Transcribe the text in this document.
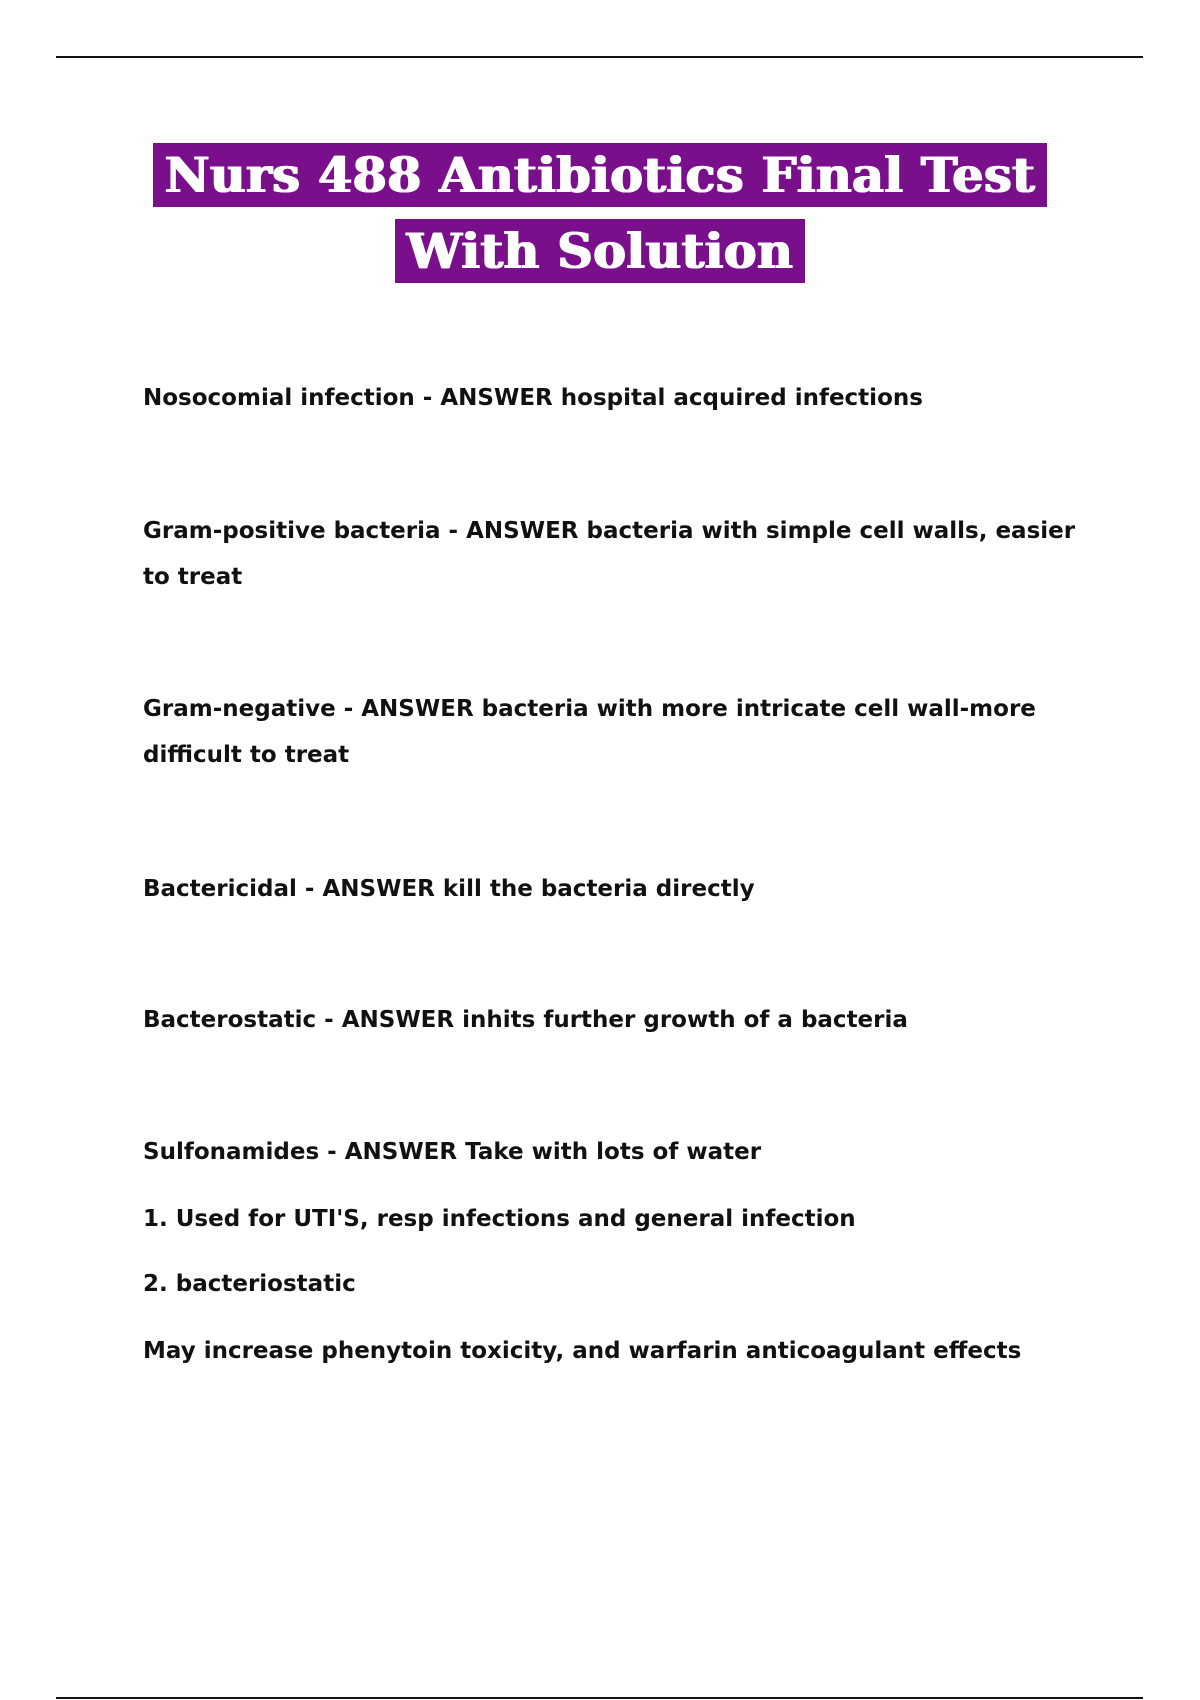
Nurs 488 Antibiotics Final Test
With Solution

Nosocomial infection - ANSWER hospital acquired infections

Gram-positive bacteria - ANSWER bacteria with simple cell walls, easier to treat

Gram-negative - ANSWER bacteria with more intricate cell wall-more difficult to treat

Bactericidal - ANSWER kill the bacteria directly

Bacterostatic - ANSWER inhits further growth of a bacteria

Sulfonamides - ANSWER Take with lots of water

1. Used for UTI'S, resp infections and general infection

2. bacteriostatic

May increase phenytoin toxicity, and warfarin anticoagulant effects
